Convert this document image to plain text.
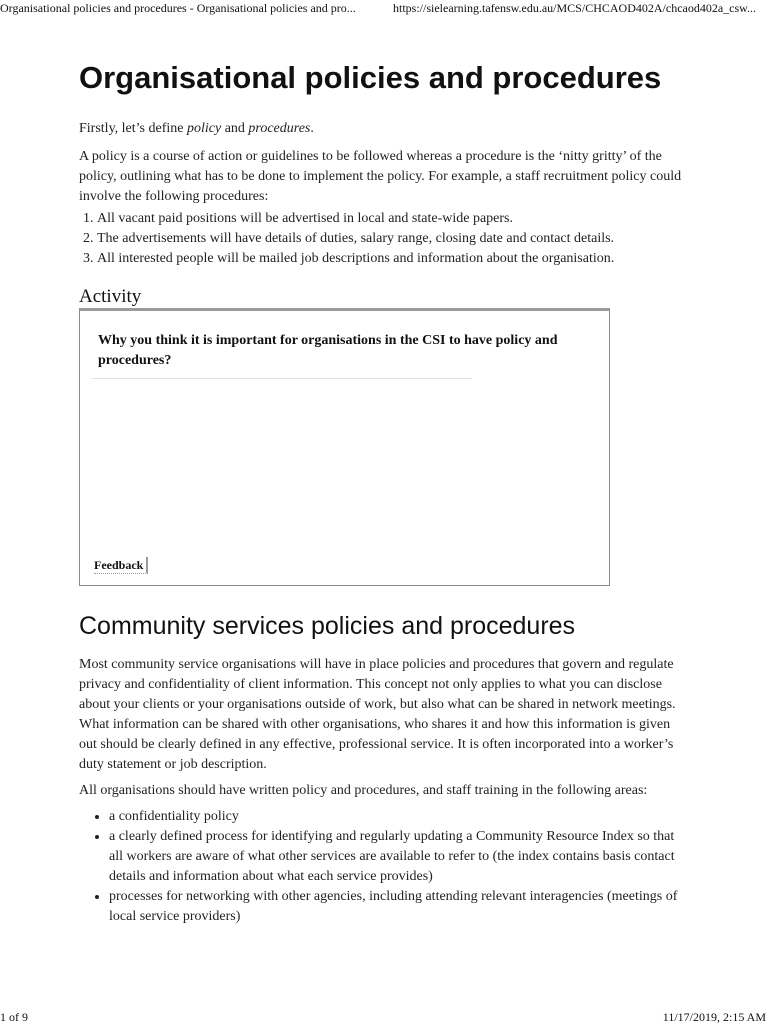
Organisational policies and procedures - Organisational policies and pro...	https://sielearning.tafensw.edu.au/MCS/CHCAOD402A/chcaod402a_csw...
Organisational policies and procedures

Firstly, let’s define policy and procedures.

A policy is a course of action or guidelines to be followed whereas a procedure is the ‘nitty gritty’ of the policy, outlining what has to be done to implement the policy. For example, a staff recruitment policy could involve the following procedures:

1. All vacant paid positions will be advertised in local and state-wide papers.
2. The advertisements will have details of duties, salary range, closing date and contact details.
3. All interested people will be mailed job descriptions and information about the organisation.
Activity
Why you think it is important for organisations in the CSI to have policy and procedures?
Feedback
Community services policies and procedures

Most community service organisations will have in place policies and procedures that govern and regulate privacy and confidentiality of client information. This concept not only applies to what you can disclose about your clients or your organisations outside of work, but also what can be shared in network meetings. What information can be shared with other organisations, who shares it and how this information is given out should be clearly defined in any effective, professional service. It is often incorporated into a worker’s duty statement or job description.

All organisations should have written policy and procedures, and staff training in the following areas:

• a confidentiality policy
• a clearly defined process for identifying and regularly updating a Community Resource Index so that all workers are aware of what other services are available to refer to (the index contains basis contact details and information about what each service provides)
• processes for networking with other agencies, including attending relevant interagencies (meetings of local service providers)
1 of 9	11/17/2019, 2:15 AM
